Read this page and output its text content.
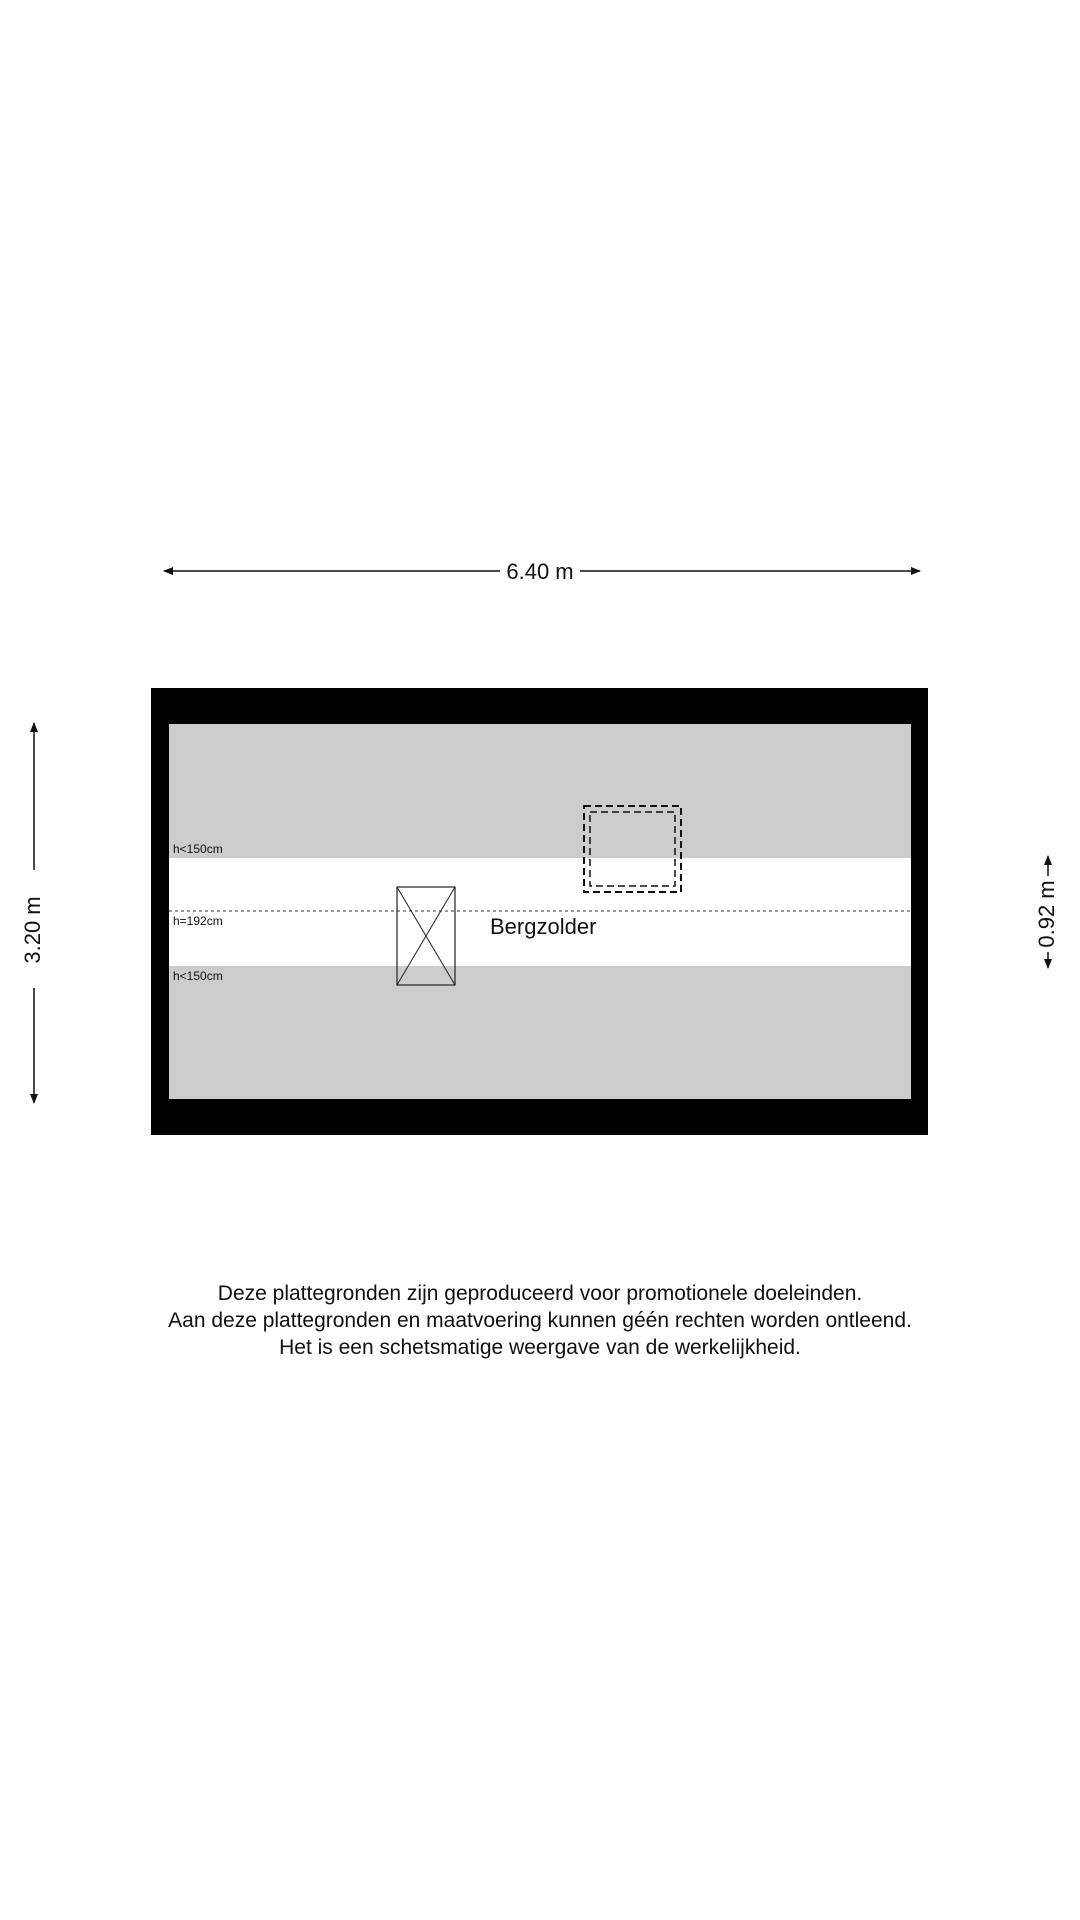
6.40 m
3.20 m	0.92 m
h<150cm
h=192cm
h<150cm
Bergzolder
Deze plattegronden zijn geproduceerd voor promotionele doeleinden.
Aan deze plattegronden en maatvoering kunnen géén rechten worden ontleend.
Het is een schetsmatige weergave van de werkelijkheid.
